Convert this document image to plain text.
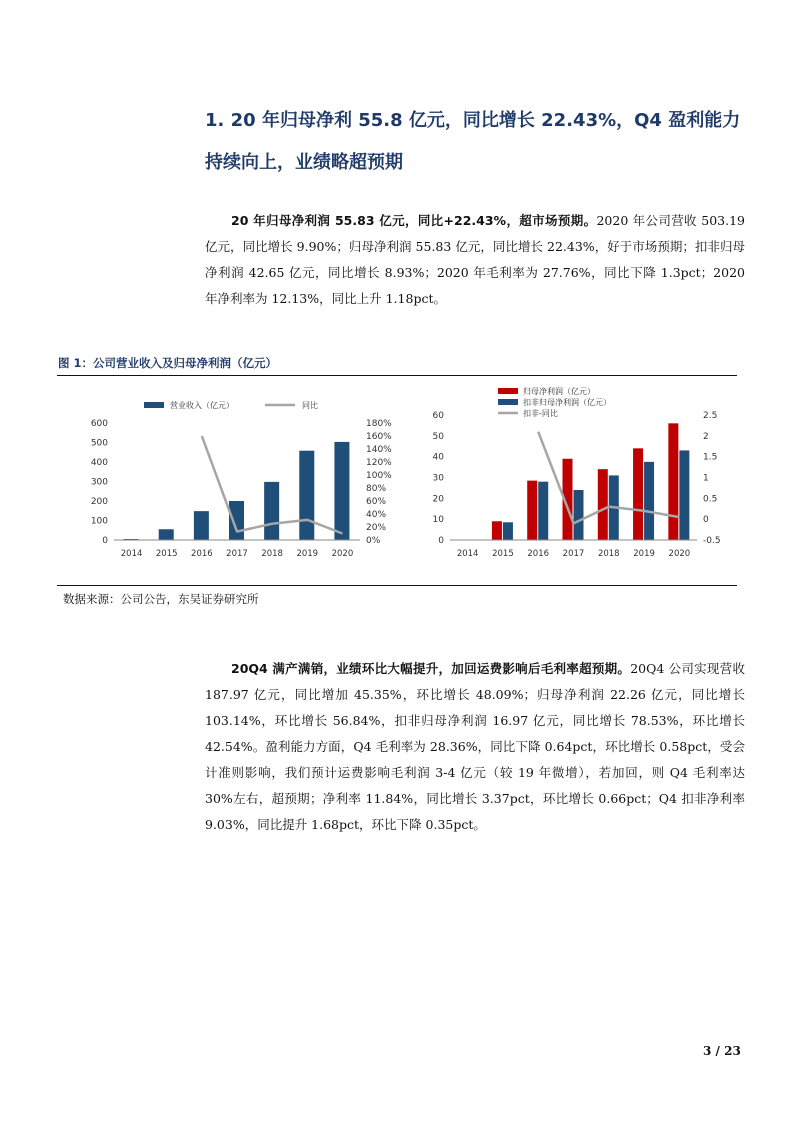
1. 20 年归母净利 55.8 亿元，同比增长 22.43%，Q4 盈利能力持续向上，业绩略超预期

20 年归母净利润 55.83 亿元，同比+22.43%，超市场预期。2020 年公司营收 503.19 亿元，同比增长 9.90%；归母净利润 55.83 亿元，同比增长 22.43%，好于市场预期；扣非归母净利润 42.65 亿元，同比增长 8.93%；2020 年毛利率为 27.76%，同比下降 1.3pct；2020 年净利率为 12.13%，同比上升 1.18pct。

图 1：公司营业收入及归母净利润（亿元）
营业收入（亿元）	同比
0
100
200
300
400
500
600
0%
20%
40%
60%
80%
100%
120%
140%
160%
180%
2014 2015 2016 2017 2018 2019 2020
归母净利润（亿元）
扣非归母净利润（亿元）
扣非-同比
0
10
20
30
40
50
60
-0.5
0
0.5
1
1.5
2
2.5
2014 2015 2016 2017 2018 2019 2020
数据来源：公司公告，东吴证券研究所

20Q4 满产满销，业绩环比大幅提升，加回运费影响后毛利率超预期。20Q4 公司实现营收 187.97 亿元，同比增加 45.35%，环比增长 48.09%；归母净利润 22.26 亿元，同比增长 103.14%，环比增长 56.84%，扣非归母净利润 16.97 亿元，同比增长 78.53%，环比增长 42.54%。盈利能力方面，Q4 毛利率为 28.36%，同比下降 0.64pct，环比增长 0.58pct，受会计准则影响，我们预计运费影响毛利润 3-4 亿元（较 19 年微增），若加回，则 Q4 毛利率达 30%左右，超预期；净利率 11.84%，同比增长 3.37pct，环比增长 0.66pct；Q4 扣非净利率 9.03%，同比提升 1.68pct，环比下降 0.35pct。

3 / 23
